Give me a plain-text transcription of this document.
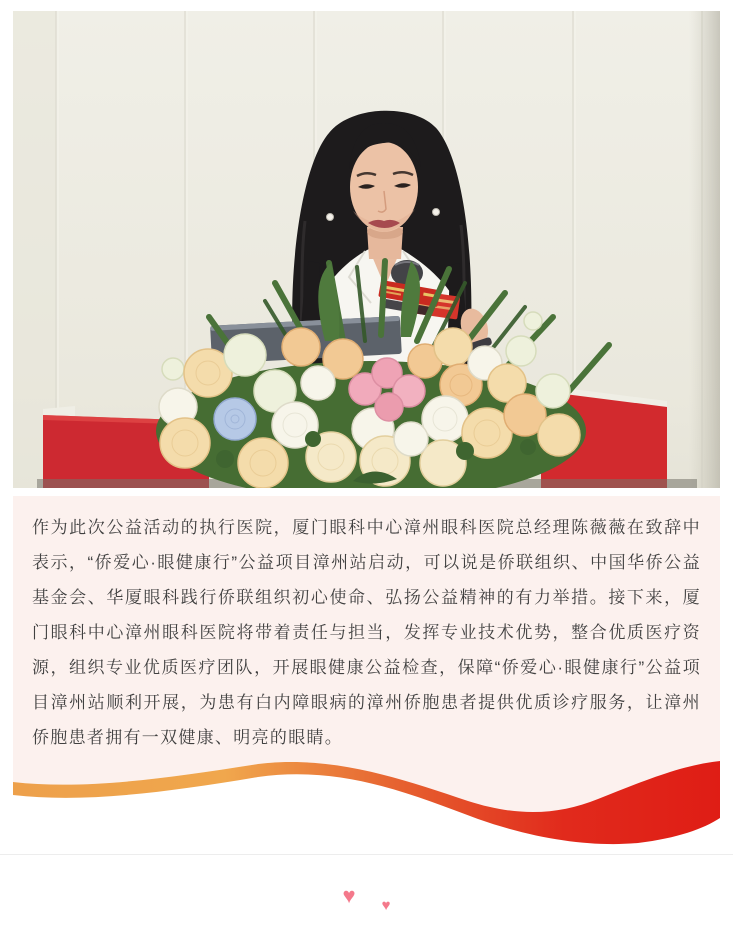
作为此次公益活动的执行医院，厦门眼科中心漳州眼科医院总经理陈薇薇在致辞中表示，“侨爱心·眼健康行”公益项目漳州站启动，可以说是侨联组织、中国华侨公益基金会、华厦眼科践行侨联组织初心使命、弘扬公益精神的有力举措。接下来，厦门眼科中心漳州眼科医院将带着责任与担当，发挥专业技术优势，整合优质医疗资源，组织专业优质医疗团队，开展眼健康公益检查，保障“侨爱心·眼健康行”公益项目漳州站顺利开展，为患有白内障眼病的漳州侨胞患者提供优质诊疗服务，让漳州侨胞患者拥有一双健康、明亮的眼睛。

♥ ♥
